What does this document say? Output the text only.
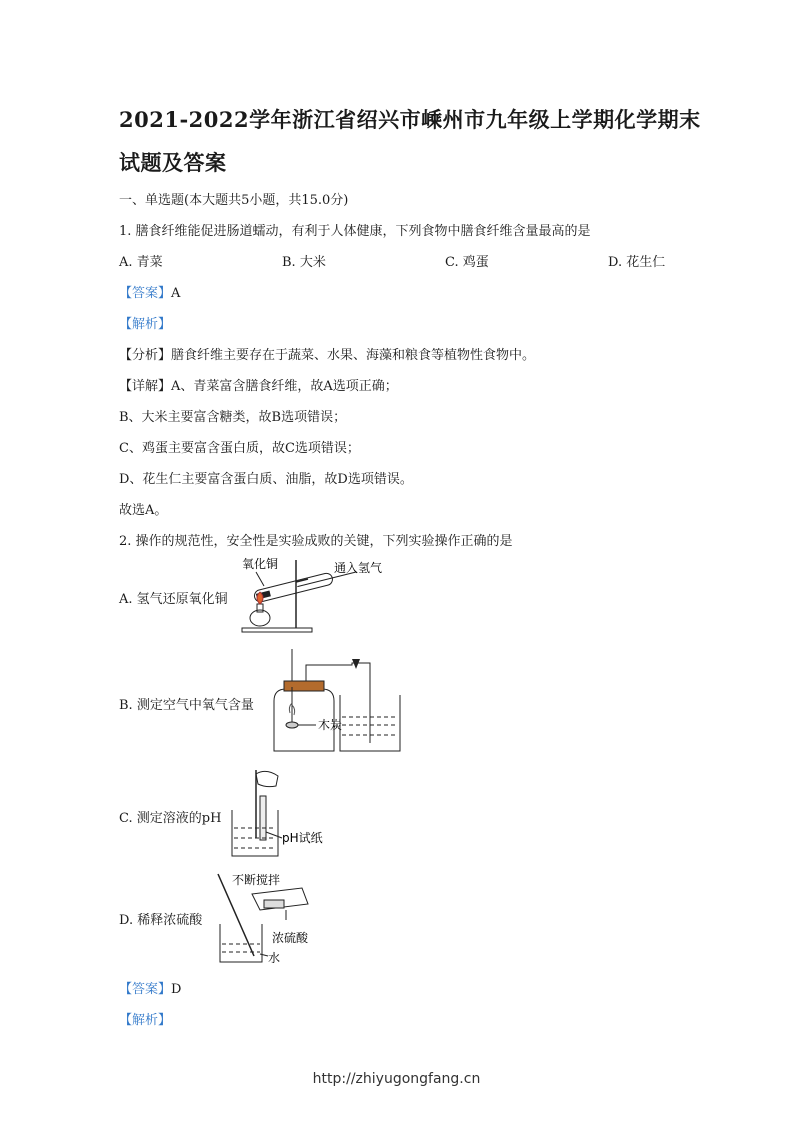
2021-2022学年浙江省绍兴市嵊州市九年级上学期化学期末
试题及答案
一、单选题(本大题共5小题，共15.0分)
1. 膳食纤维能促进肠道蠕动，有利于人体健康，下列食物中膳食纤维含量最高的是
A. 青菜	B. 大米	C. 鸡蛋	D. 花生仁
【答案】A
【解析】
【分析】膳食纤维主要存在于蔬菜、水果、海藻和粮食等植物性食物中。
【详解】A、青菜富含膳食纤维，故A选项正确；
B、大米主要富含糖类，故B选项错误；
C、鸡蛋主要富含蛋白质，故C选项错误；
D、花生仁主要富含蛋白质、油脂，故D选项错误。
故选A。
2. 操作的规范性，安全性是实验成败的关键，下列实验操作正确的是
A. 氢气还原氧化铜
氧化铜	通入氢气
B. 测定空气中氧气含量
木炭
C. 测定溶液的pH
pH试纸
D. 稀释浓硫酸
不断搅拌
浓硫酸
水
【答案】D
【解析】
http://zhiyugongfang.cn
